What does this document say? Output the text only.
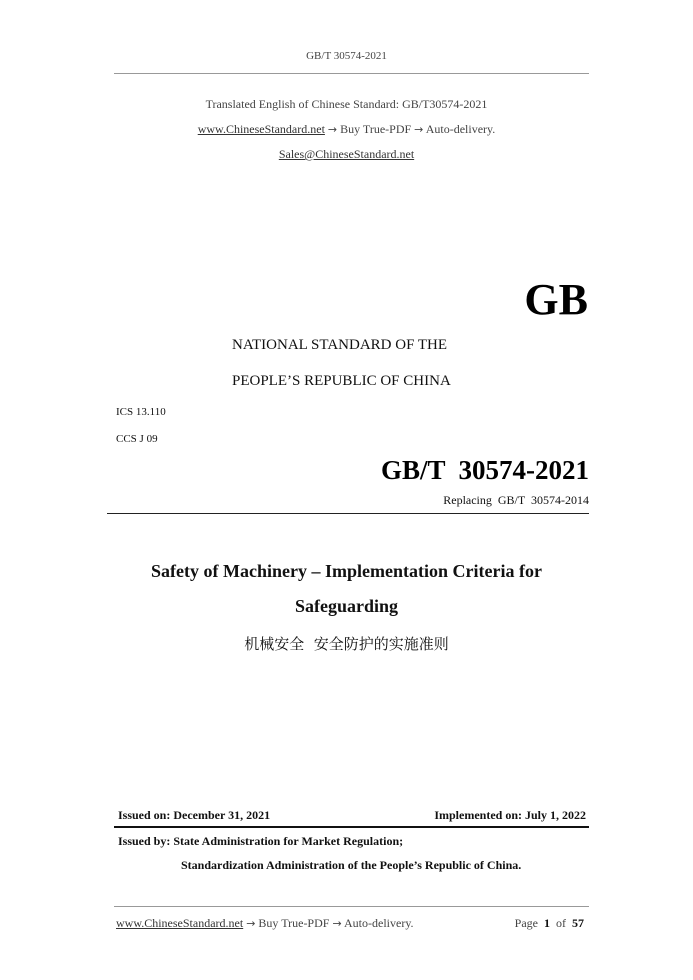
GB/T 30574-2021
Translated English of Chinese Standard: GB/T30574-2021
www.ChineseStandard.net → Buy True-PDF → Auto-delivery.
Sales@ChineseStandard.net
GB
NATIONAL STANDARD OF THE
PEOPLE’S REPUBLIC OF CHINA
ICS 13.110
CCS J 09
GB/T  30574-2021
Replacing  GB/T  30574-2014
Safety of Machinery – Implementation Criteria for
Safeguarding
机械安全  安全防护的实施准则
Issued on: December 31, 2021	Implemented on: July 1, 2022
Issued by: State Administration for Market Regulation;
Standardization Administration of the People’s Republic of China.
www.ChineseStandard.net → Buy True-PDF → Auto-delivery.	Page 1 of 57
